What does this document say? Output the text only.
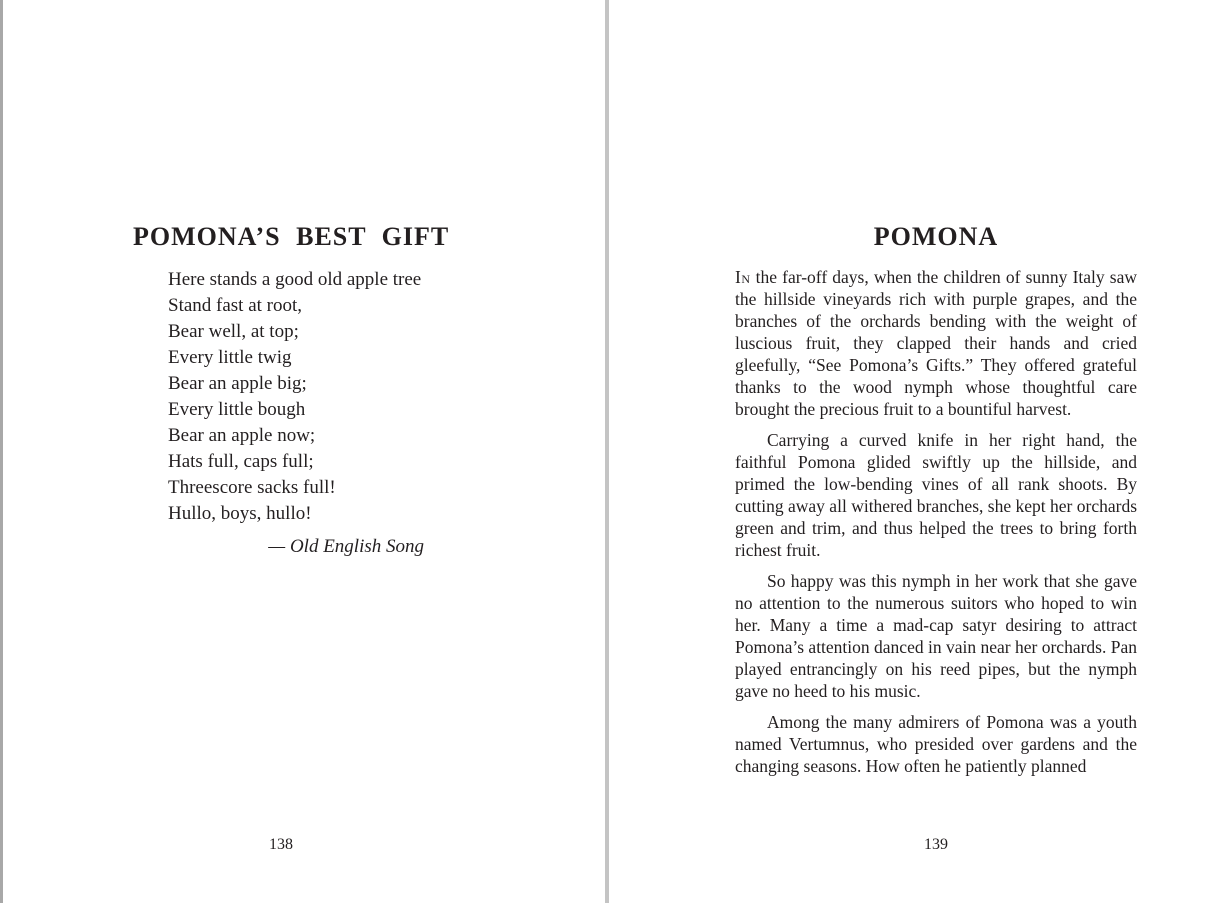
POMONA’S BEST GIFT
Here stands a good old apple tree
Stand fast at root,
Bear well, at top;
Every little twig
Bear an apple big;
Every little bough
Bear an apple now;
Hats full, caps full;
Threescore sacks full!
Hullo, boys, hullo!
— Old English Song
138
POMONA

In the far-off days, when the children of sunny Italy saw the hillside vineyards rich with purple grapes, and the branches of the orchards bending with the weight of luscious fruit, they clapped their hands and cried gleefully, “See Pomona’s Gifts.” They offered grateful thanks to the wood nymph whose thoughtful care brought the precious fruit to a bountiful harvest.

Carrying a curved knife in her right hand, the faithful Pomona glided swiftly up the hillside, and primed the low-bending vines of all rank shoots. By cutting away all withered branches, she kept her orchards green and trim, and thus helped the trees to bring forth richest fruit.

So happy was this nymph in her work that she gave no attention to the numerous suitors who hoped to win her. Many a time a mad-cap satyr desiring to attract Pomona’s attention danced in vain near her orchards. Pan played entrancingly on his reed pipes, but the nymph gave no heed to his music.

Among the many admirers of Pomona was a youth named Vertumnus, who presided over gardens and the changing seasons. How often he patiently planned

139
